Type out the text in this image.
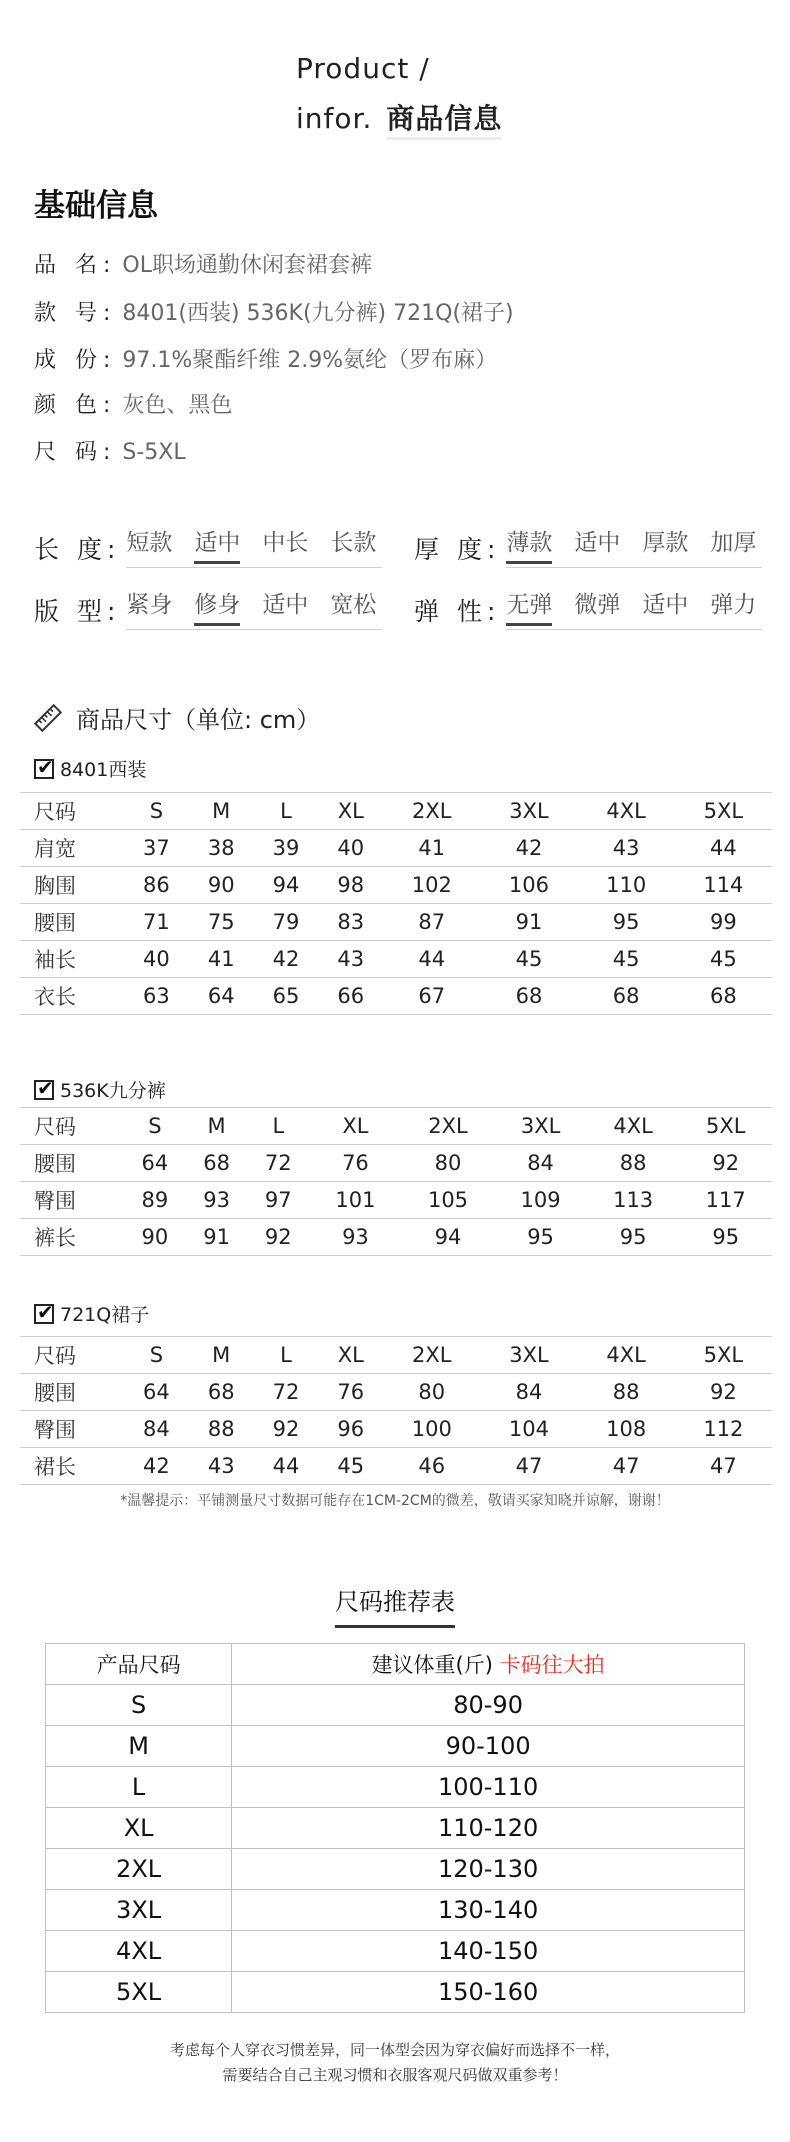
Product /
infor. 商品信息
基础信息
品 名: OL职场通勤休闲套裙套裤
款 号: 8401(西装) 536K(九分裤) 721Q(裙子)
成 份: 97.1%聚酯纤维 2.9%氨纶（罗布麻）
颜 色: 灰色、黑色
尺 码: S-5XL
长 度: 短款 适中 中长 长款 厚 度: 薄款 适中 厚款 加厚
版 型: 紧身 修身 适中 宽松 弹 性: 无弹 微弹 适中 弹力
商品尺寸（单位: cm）
✔
8401西装
尺码	S	M	L	XL	2XL	3XL	4XL	5XL
肩宽	37	38	39	40	41	42	43	44
胸围	86	90	94	98	102	106	110	114
腰围	71	75	79	83	87	91	95	99
袖长	40	41	42	43	44	45	45	45
衣长	63	64	65	66	67	68	68	68
✔
536K九分裤
尺码	S	M	L	XL	2XL	3XL	4XL	5XL
腰围	64	68	72	76	80	84	88	92
臀围	89	93	97	101	105	109	113	117
裤长	90	91	92	93	94	95	95	95
✔
721Q裙子
尺码	S	M	L	XL	2XL	3XL	4XL	5XL
腰围	64	68	72	76	80	84	88	92
臀围	84	88	92	96	100	104	108	112
裙长	42	43	44	45	46	47	47	47
*温馨提示：平铺测量尺寸数据可能存在1CM-2CM的微差，敬请买家知晓并谅解，谢谢！
尺码推荐表
产品尺码	建议体重(斤) 卡码往大拍
S	80-90
M	90-100
L	100-110
XL	110-120
2XL	120-130
3XL	130-140
4XL	140-150
5XL	150-160
考虑每个人穿衣习惯差异，同一体型会因为穿衣偏好而选择不一样，
需要结合自己主观习惯和衣服客观尺码做双重参考！
